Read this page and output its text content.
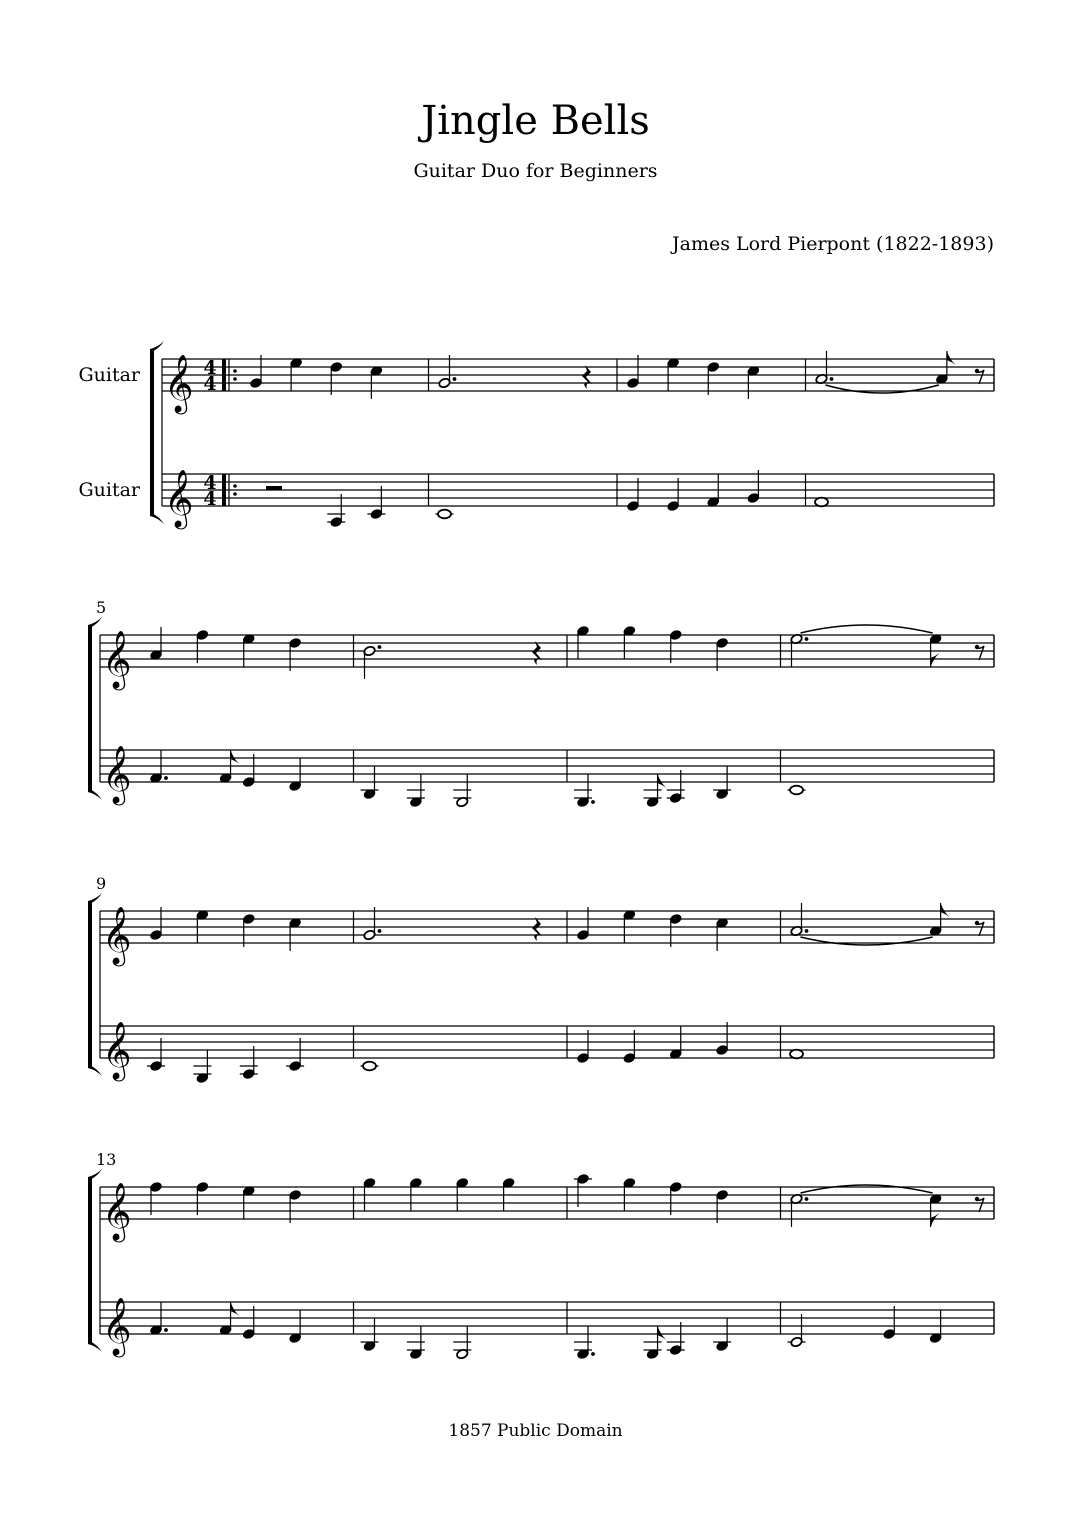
Jingle Bells
Guitar Duo for Beginners
James Lord Pierpont (1822-1893)
Guitar
Guitar
𝄞
𝄞
4
4
4
4
5
𝄞
𝄞
9
𝄞
𝄞
13
𝄞
𝄞
1857 Public Domain
